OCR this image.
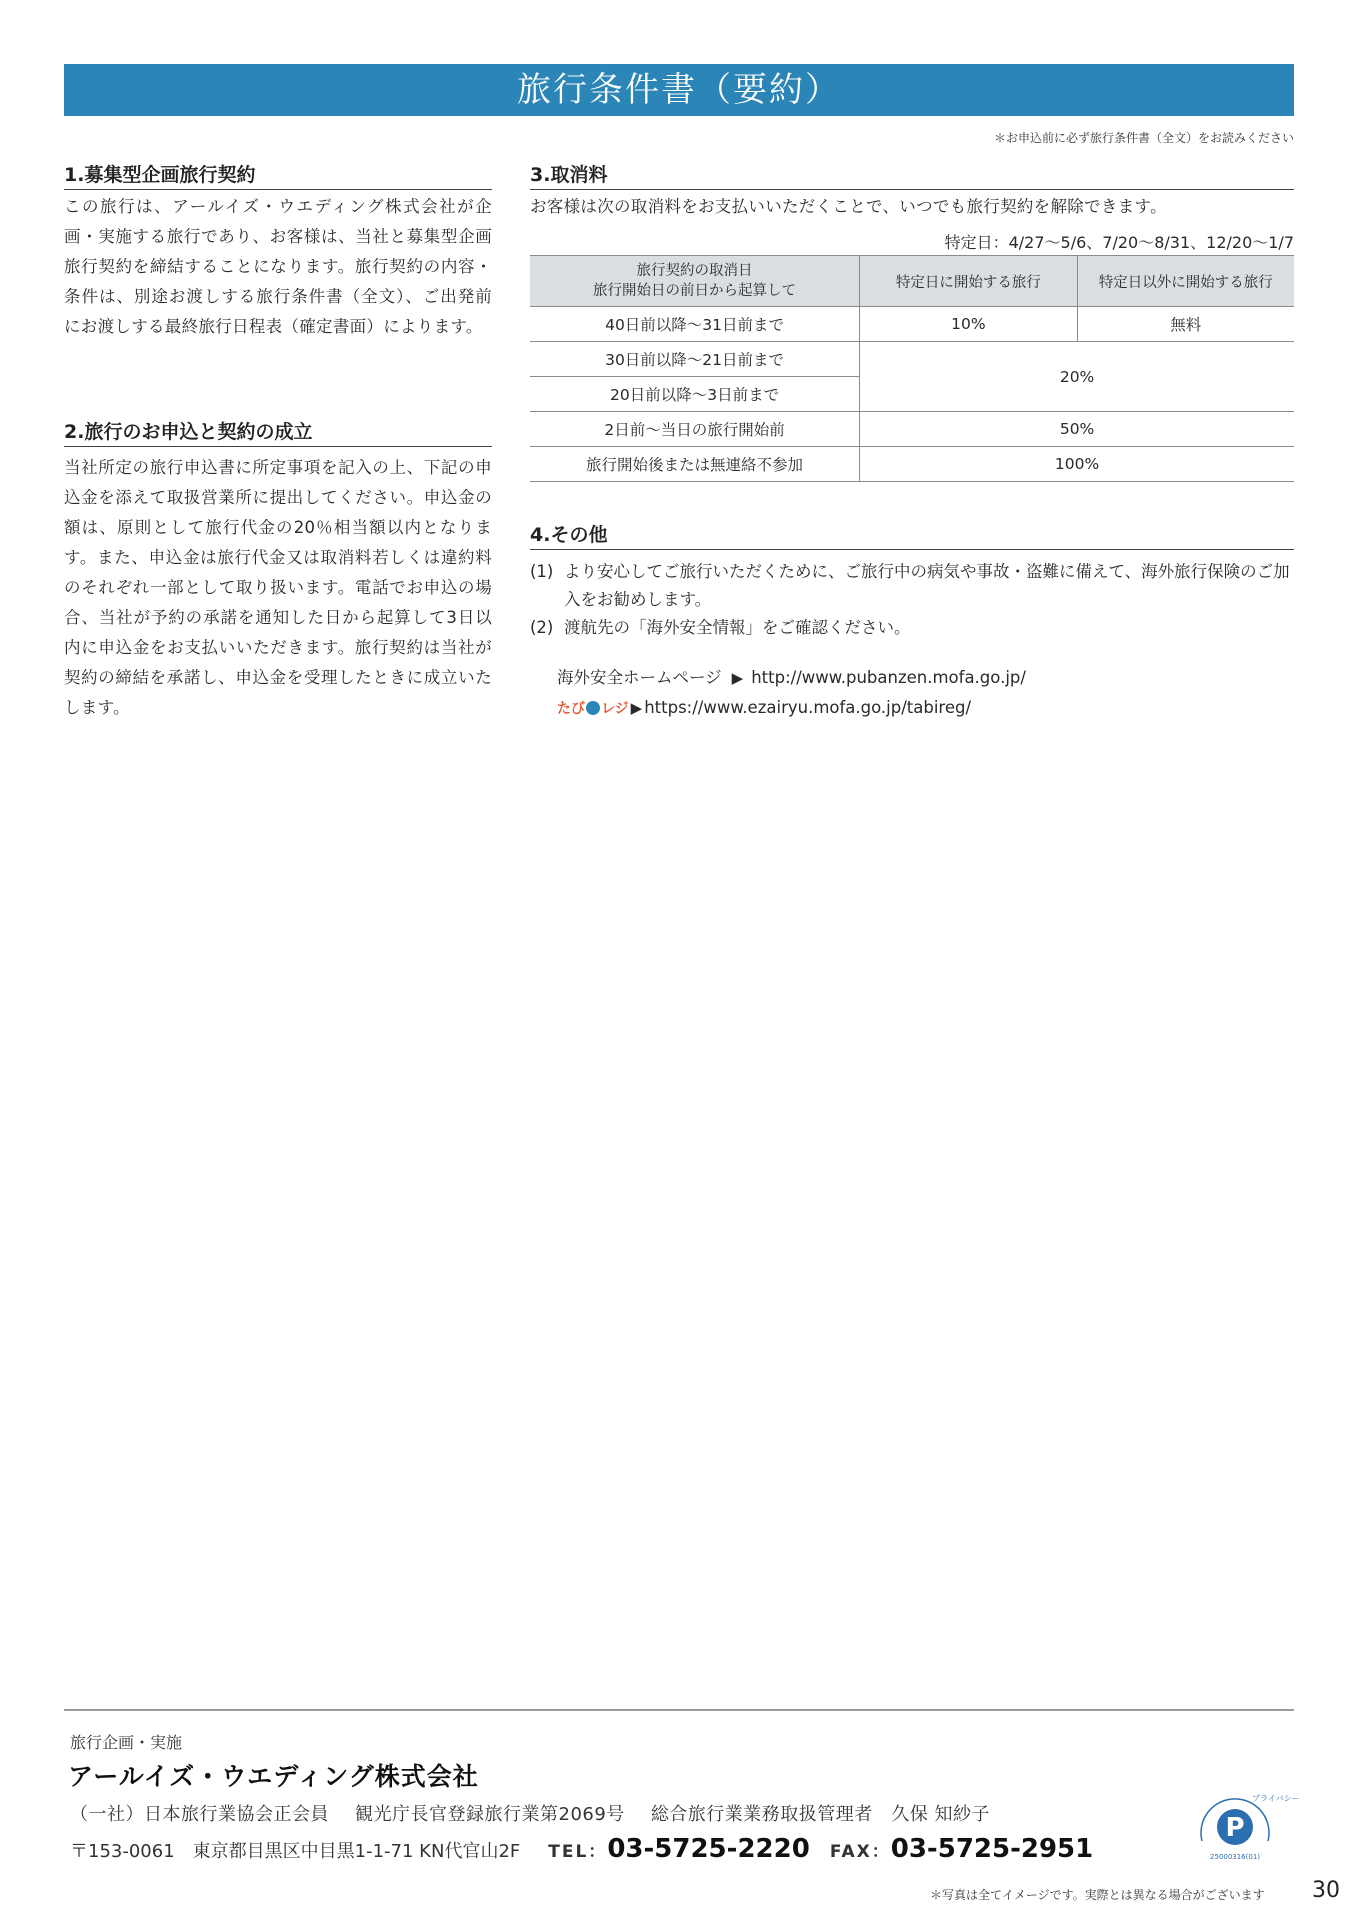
旅行条件書（要約）
＊お申込前に必ず旅行条件書（全文）をお読みください
1.募集型企画旅行契約
この旅行は、アールイズ・ウエディング株式会社が企画・実施する旅行であり、お客様は、当社と募集型企画旅行契約を締結することになります。旅行契約の内容・条件は、別途お渡しする旅行条件書（全文）、ご出発前にお渡しする最終旅行日程表（確定書面）によります。
2.旅行のお申込と契約の成立
当社所定の旅行申込書に所定事項を記入の上、下記の申込金を添えて取扱営業所に提出してください。申込金の額は、原則として旅行代金の20％相当額以内となります。また、申込金は旅行代金又は取消料若しくは違約料のそれぞれ一部として取り扱います。電話でお申込の場合、当社が予約の承諾を通知した日から起算して3日以内に申込金をお支払いいただきます。旅行契約は当社が契約の締結を承諾し、申込金を受理したときに成立いたします。
3.取消料
お客様は次の取消料をお支払いいただくことで、いつでも旅行契約を解除できます。
特定日：4/27〜5/6、7/20〜8/31、12/20〜1/7
旅行契約の取消日
旅行開始日の前日から起算して	特定日に開始する旅行	特定日以外に開始する旅行
40日前以降〜31日前まで	10%	無料
30日前以降〜21日前まで	20%	
20日前以降〜3日前まで		
2日前〜当日の旅行開始前	50%	
旅行開始後または無連絡不参加	100%	
4.その他
(1) より安心してご旅行いただくために、ご旅行中の病気や事故・盗難に備えて、海外旅行保険のご加入をお勧めします。
(2) 渡航先の「海外安全情報」をご確認ください。
海外安全ホームページ ▶ http://www.pubanzen.mofa.go.jp/
たび レジ ▶ https://www.ezairyu.mofa.go.jp/tabireg/
旅行企画・実施
アールイズ・ウエディング株式会社
（一社）日本旅行業協会正会員 観光庁長官登録旅行業第2069号 総合旅行業業務取扱管理者　久保 知紗子
〒153-0061　東京都目黒区中目黒1-1-71 KN代官山2F TEL：03-5725-2220 FAX：03-5725-2951
P
プライバシー
25000316(01)
＊写真は全てイメージです。実際とは異なる場合がございます 30
